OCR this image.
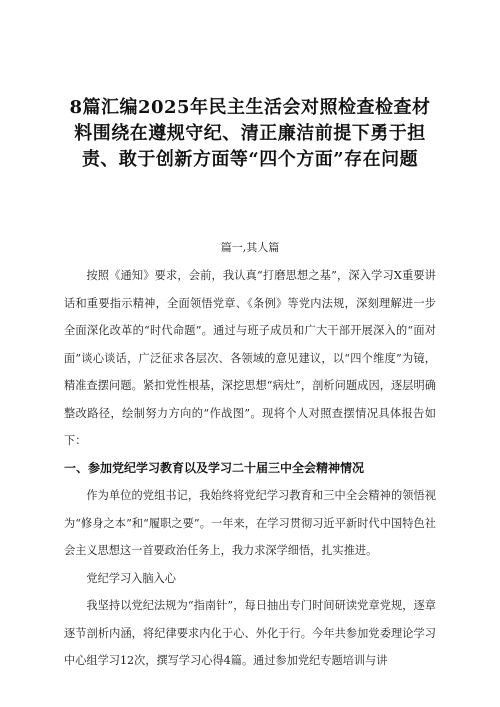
8篇汇编2025年民主生活会对照检查检查材
料围绕在遵规守纪、清正廉洁前提下勇于担
责、敢于创新方面等“四个方面”存在问题
篇一,其人篇

按照《通知》要求，会前，我认真“打磨思想之基”，深入学习X重要讲话和重要指示精神，全面领悟党章、《条例》等党内法规，深刻理解进一步全面深化改革的“时代命题”。通过与班子成员和广大干部开展深入的“面对面”谈心谈话，广泛征求各层次、各领域的意见建议，以“四个维度”为镜，精准查摆问题。紧扣党性根基，深挖思想“病灶”，剖析问题成因，逐层明确整改路径，绘制努力方向的“作战图”。现将个人对照查摆情况具体报告如下：

一、参加党纪学习教育以及学习二十届三中全会精神情况

作为单位的党组书记，我始终将党纪学习教育和三中全会精神的领悟视为“修身之本”和“履职之要”。一年来，在学习贯彻习近平新时代中国特色社会主义思想这一首要政治任务上，我力求深学细悟，扎实推进。

党纪学习入脑入心

我坚持以党纪法规为“指南针”，每日抽出专门时间研读党章党规，逐章逐节剖析内涵，将纪律要求内化于心、外化于行。今年共参加党委理论学习中心组学习12次，撰写学习心得4篇。通过参加党纪专题培训与讲
